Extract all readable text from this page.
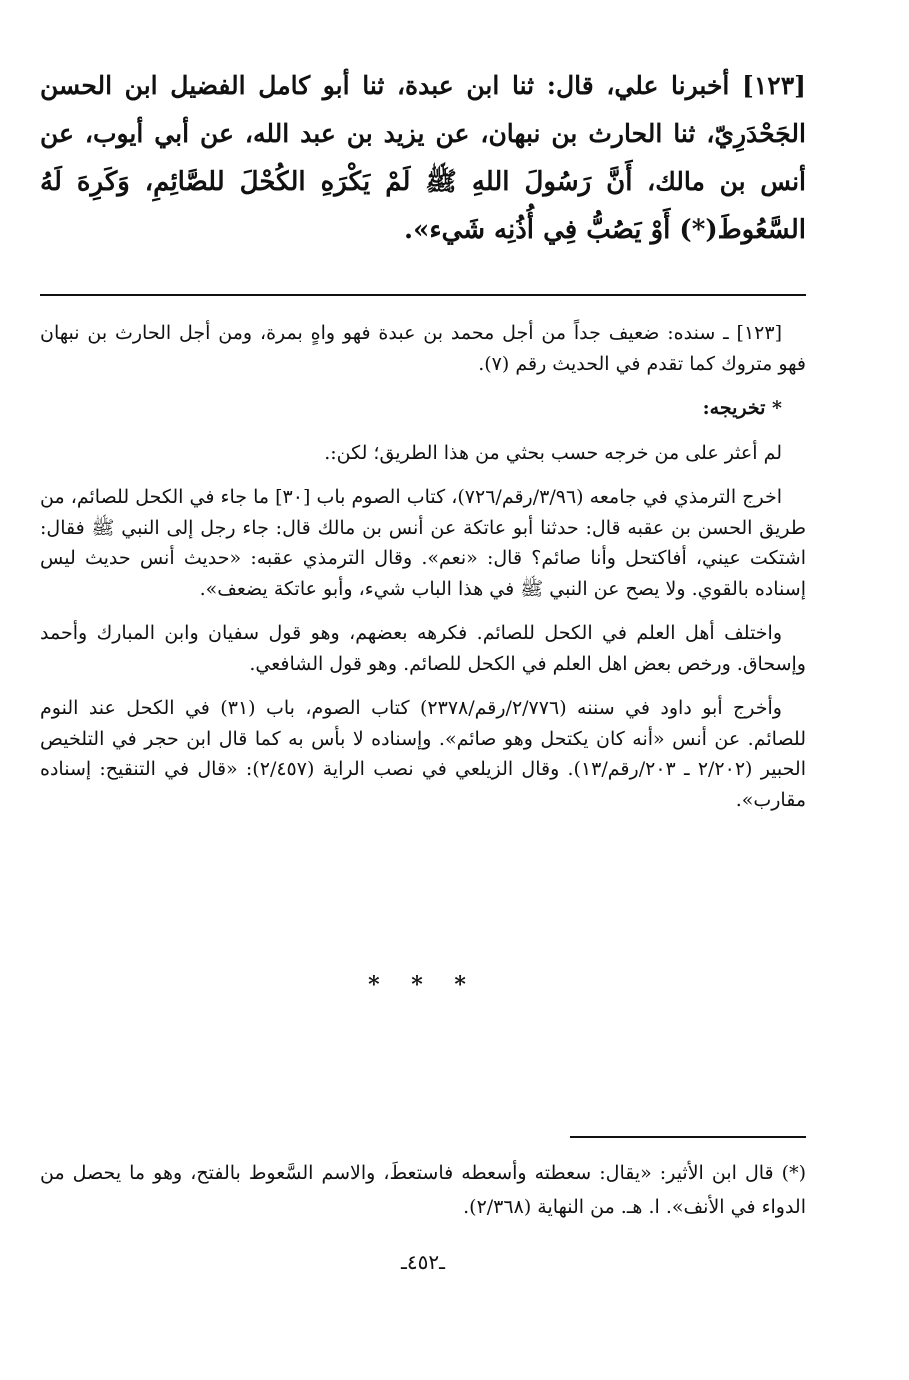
[١٢٣] أخبرنا علي، قال: ثنا ابن عبدة، ثنا أبو كامل الفضيل ابن الحسن الجَحْدَرِيّ، ثنا الحارث بن نبهان، عن يزيد بن عبد الله، عن أبي أيوب، عن أنس بن مالك، أَنَّ رَسُولَ اللهِ ﷺ لَمْ يَكْرَهِ الكُحْلَ للصَّائِمِ، وَكَرِهَ لَهُ السَّعُوطَ(*) أَوْ يَصُبُّ فِي أُذُنِه شَيء».

[١٢٣] ـ سنده: ضعيف جداً من أجل محمد بن عبدة فهو واهٍ بمرة، ومن أجل الحارث بن نبهان فهو متروك كما تقدم في الحديث رقم (٧).

* تخريجه:

لم أعثر على من خرجه حسب بحثي من هذا الطريق؛ لكن:.

اخرج الترمذي في جامعه (٣/٩٦/رقم/٧٢٦)، كتاب الصوم باب [٣٠] ما جاء في الكحل للصائم، من طريق الحسن بن عقبه قال: حدثنا أبو عاتكة عن أنس بن مالك قال: جاء رجل إلى النبي ﷺ فقال: اشتكت عيني، أفاكتحل وأنا صائم؟ قال: «نعم». وقال الترمذي عقبه: «حديث أنس حديث ليس إسناده بالقوي. ولا يصح عن النبي ﷺ في هذا الباب شيء، وأبو عاتكة يضعف».

واختلف أهل العلم في الكحل للصائم. فكرهه بعضهم، وهو قول سفيان وابن المبارك وأحمد وإسحاق. ورخص بعض اهل العلم في الكحل للصائم. وهو قول الشافعي.

وأخرج أبو داود في سننه (٢/٧٧٦/رقم/٢٣٧٨) كتاب الصوم، باب (٣١) في الكحل عند النوم للصائم. عن أنس «أنه كان يكتحل وهو صائم». وإسناده لا بأس به كما قال ابن حجر في التلخيص الحبير (٢/٢٠٢ ـ ٢٠٣/رقم/١٣). وقال الزيلعي في نصب الراية (٢/٤٥٧): «قال في التنقيح: إسناده مقارب».

* * *

(*) قال ابن الأثير: «يقال: سعطته وأسعطه فاستعطَ، والاسم السَّعوط بالفتح، وهو ما يحصل من الدواء في الأنف». ا. هـ. من النهاية (٢/٣٦٨).

ـ٤٥٢ـ
